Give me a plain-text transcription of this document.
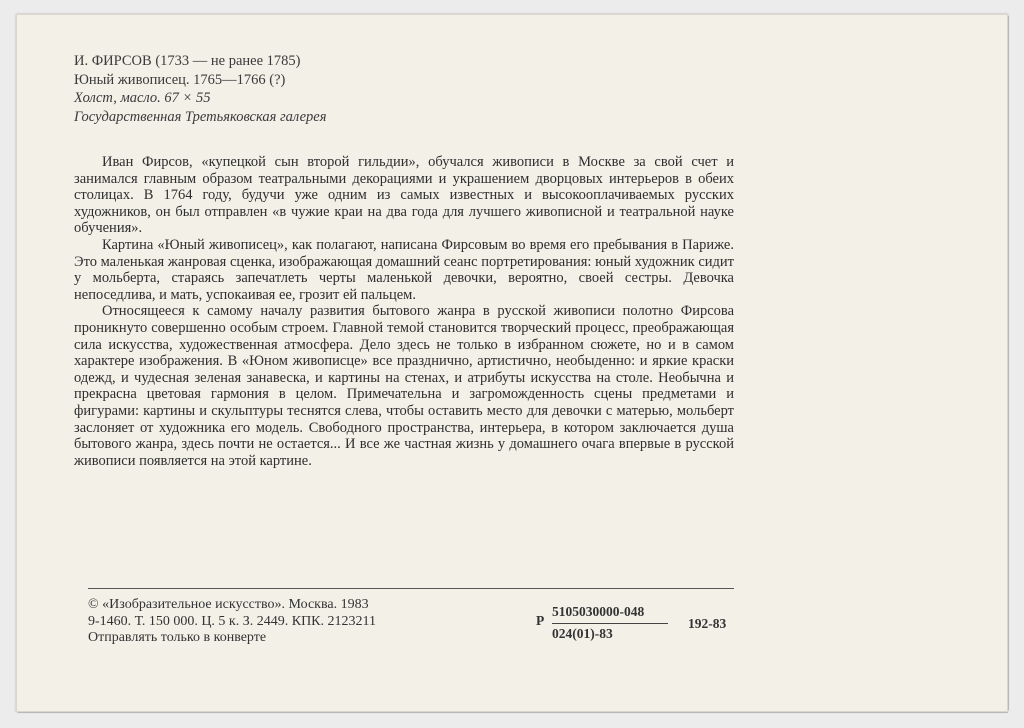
И. ФИРСОВ (1733 — не ранее 1785)
Юный живописец. 1765—1766 (?)
Холст, масло. 67 × 55
Государственная Третьяковская галерея

Иван Фирсов, «купецкой сын второй гильдии», обучался живописи в Москве за свой счет и занимался главным образом театральными декорациями и украшением дворцовых интерьеров в обеих столицах. В 1764 году, будучи уже одним из самых известных и высокооплачиваемых русских художников, он был отправлен «в чужие краи на два года для лучшего живописной и театральной науке обучения».

Картина «Юный живописец», как полагают, написана Фирсовым во время его пребывания в Париже. Это маленькая жанровая сценка, изображающая домашний сеанс портретирования: юный художник сидит у мольберта, стараясь запечатлеть черты маленькой девочки, вероятно, своей сестры. Девочка непоседлива, и мать, успокаивая ее, грозит ей пальцем.

Относящееся к самому началу развития бытового жанра в русской живописи полотно Фирсова проникнуто совершенно особым строем. Главной темой становится творческий процесс, преображающая сила искусства, художественная атмосфера. Дело здесь не только в избранном сюжете, но и в самом характере изображения. В «Юном живописце» все празднично, артистично, необыденно: и яркие краски одежд, и чудесная зеленая занавеска, и картины на стенах, и атрибуты искусства на столе. Необычна и прекрасна цветовая гармония в целом. Примечательна и загроможденность сцены предметами и фигурами: картины и скульптуры теснятся слева, чтобы оставить место для девочки с матерью, мольберт заслоняет от художника его модель. Свободного пространства, интерьера, в котором заключается душа бытового жанра, здесь почти не остается... И все же частная жизнь у домашнего очага впервые в русской живописи появляется на этой картине.

© «Изобразительное искусство». Москва. 1983
9-1460. Т. 150 000. Ц. 5 к. З. 2449. КПК. 2123211
Отправлять только в конверте
Р
5105030000-048
024(01)-83
192-83
